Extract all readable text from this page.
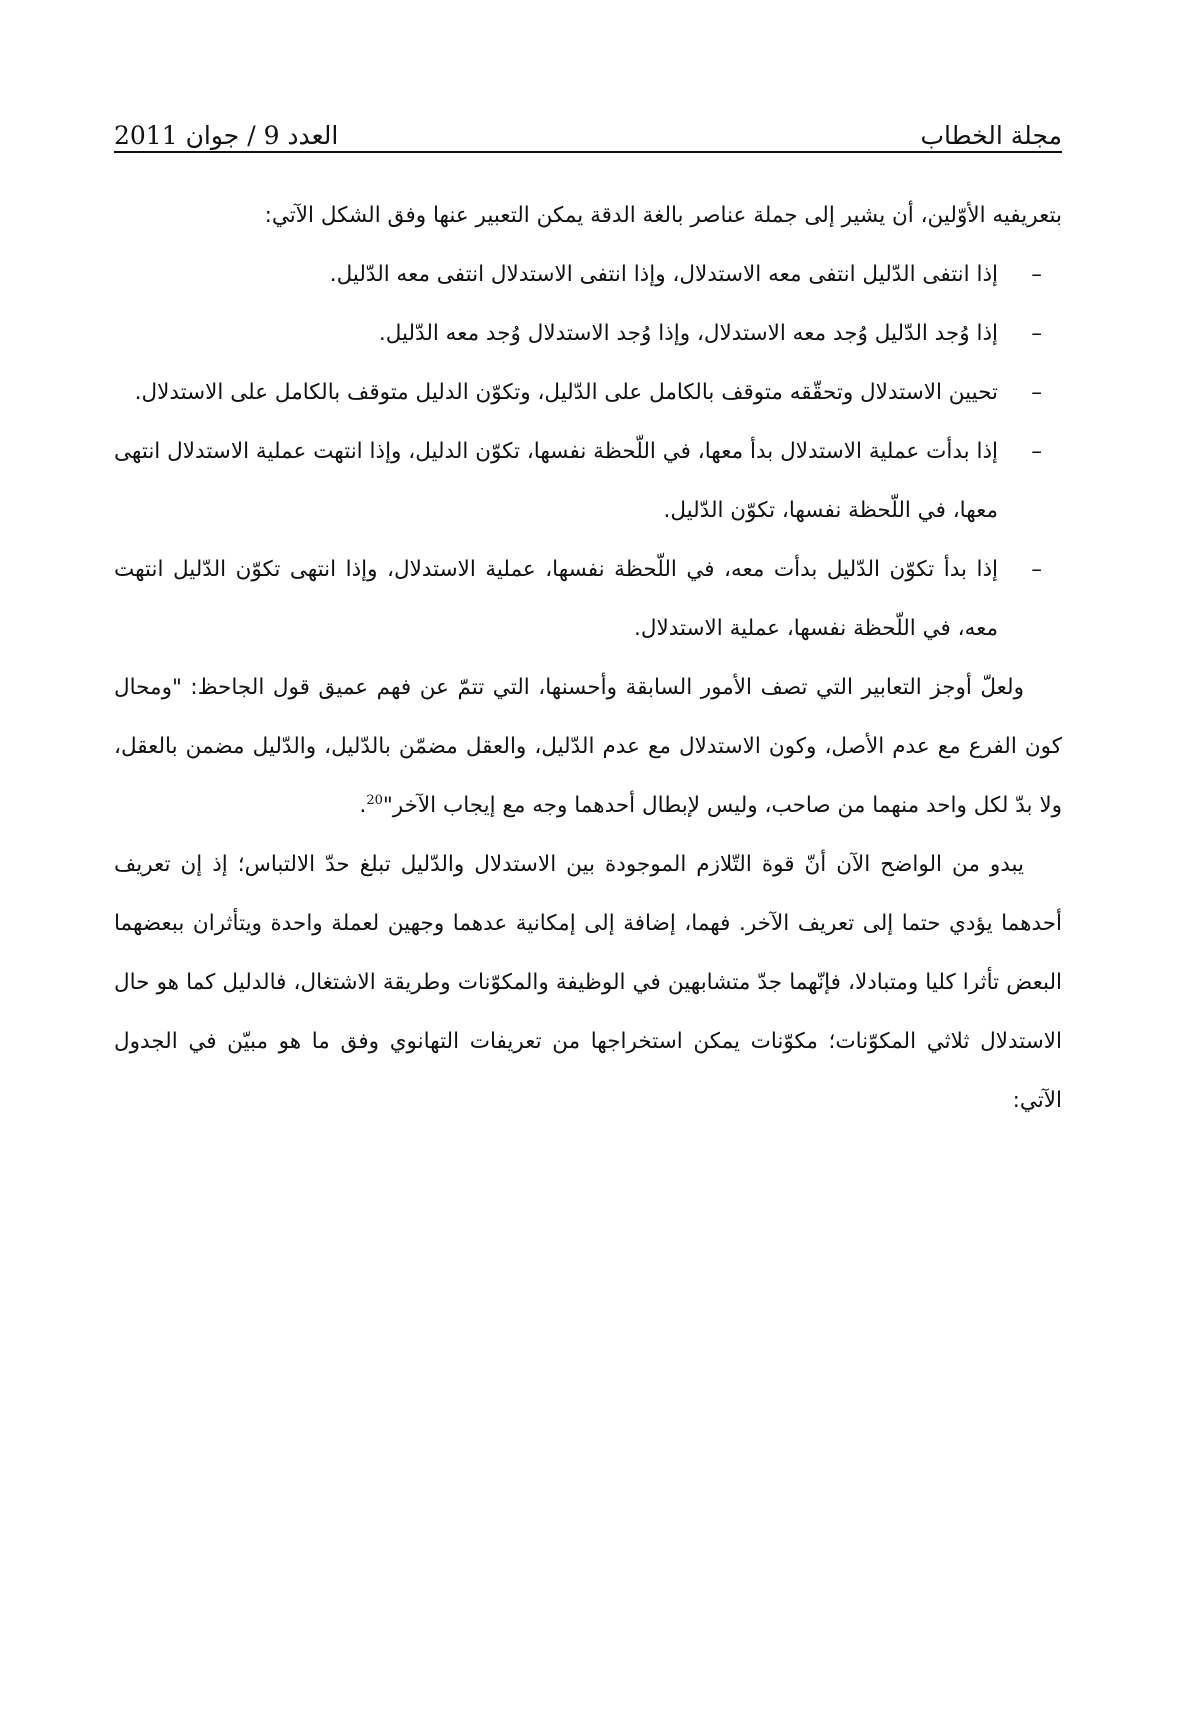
مجلة الخطاب
العدد 9 / جوان 2011

بتعريفيه الأوّلين، أن يشير إلى جملة عناصر بالغة الدقة يمكن التعبير عنها وفق الشكل الآتي:

–
إذا انتفى الدّليل انتفى معه الاستدلال، وإذا انتفى الاستدلال انتفى معه الدّليل.
–
إذا وُجد الدّليل وُجد معه الاستدلال، وإذا وُجد الاستدلال وُجد معه الدّليل.
–
تحيين الاستدلال وتحقّقه متوقف بالكامل على الدّليل، وتكوّن الدليل متوقف بالكامل على الاستدلال.
–
إذا بدأت عملية الاستدلال بدأ معها، في اللّحظة نفسها، تكوّن الدليل، وإذا انتهت عملية الاستدلال انتهى معها، في اللّحظة نفسها، تكوّن الدّليل.
–
إذا بدأ تكوّن الدّليل بدأت معه، في اللّحظة نفسها، عملية الاستدلال، وإذا انتهى تكوّن الدّليل انتهت معه، في اللّحظة نفسها، عملية الاستدلال.

ولعلّ أوجز التعابير التي تصف الأمور السابقة وأحسنها، التي تتمّ عن فهم عميق قول الجاحظ: "ومحال كون الفرع مع عدم الأصل، وكون الاستدلال مع عدم الدّليل، والعقل مضمّن بالدّليل، والدّليل مضمن بالعقل، ولا بدّ لكل واحد منهما من صاحب، وليس لإبطال أحدهما وجه مع إيجاب الآخر"$^{20}$.

يبدو من الواضح الآن أنّ قوة التّلازم الموجودة بين الاستدلال والدّليل تبلغ حدّ الالتباس؛ إذ إن تعريف أحدهما يؤدي حتما إلى تعريف الآخر. فهما، إضافة إلى إمكانية عدهما وجهين لعملة واحدة ويتأثران ببعضهما البعض تأثرا كليا ومتبادلا، فإنّهما جدّ متشابهين في الوظيفة والمكوّنات وطريقة الاشتغال، فالدليل كما هو حال الاستدلال ثلاثي المكوّنات؛ مكوّنات يمكن استخراجها من تعريفات التهانوي وفق ما هو مبيّن في الجدول الآتي:
